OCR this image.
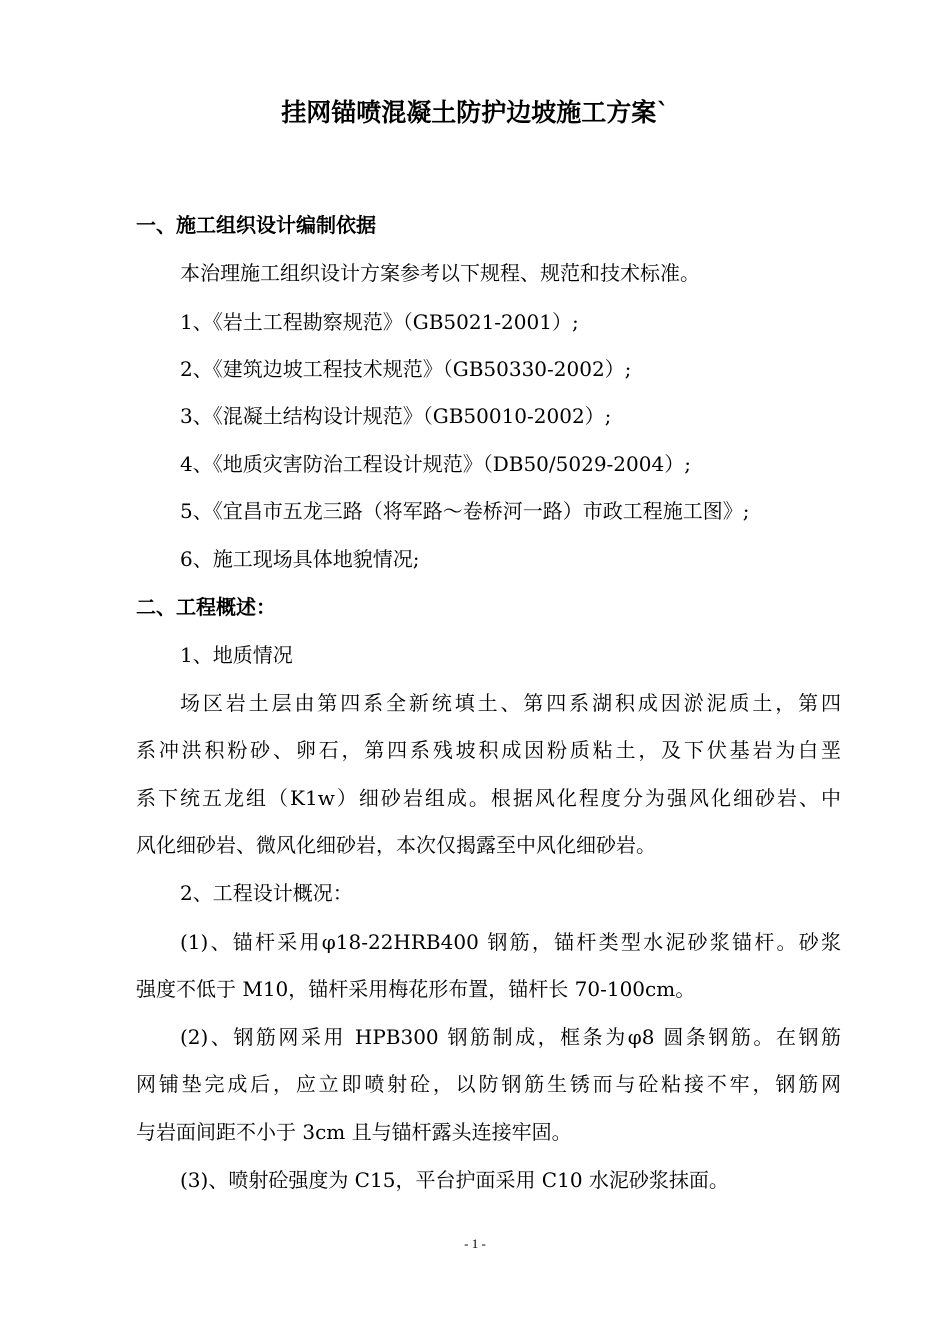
挂网锚喷混凝土防护边坡施工方案`
一、施工组织设计编制依据
本治理施工组织设计方案参考以下规程、规范和技术标准。
1、《岩土工程勘察规范》（GB5021-2001）;
2、《建筑边坡工程技术规范》（GB50330-2002）;
3、《混凝土结构设计规范》（GB50010-2002）;
4、《地质灾害防治工程设计规范》（DB50/5029-2004）;
5、《宜昌市五龙三路（将军路～卷桥河一路）市政工程施工图》;
6、施工现场具体地貌情况;
二、工程概述：
1、地质情况
场区岩土层由第四系全新统填土、第四系湖积成因淤泥质土，第四
系冲洪积粉砂、卵石，第四系残坡积成因粉质粘土，及下伏基岩为白垩
系下统五龙组（K1w）细砂岩组成。根据风化程度分为强风化细砂岩、中
风化细砂岩、微风化细砂岩，本次仅揭露至中风化细砂岩。
2、工程设计概况：
(1)、锚杆采用φ18-22HRB400 钢筋，锚杆类型水泥砂浆锚杆。砂浆
强度不低于 M10，锚杆采用梅花形布置，锚杆长 70-100cm。
(2)、钢筋网采用 HPB300 钢筋制成，框条为φ8 圆条钢筋。在钢筋
网铺垫完成后，应立即喷射砼，以防钢筋生锈而与砼粘接不牢，钢筋网
与岩面间距不小于 3cm 且与锚杆露头连接牢固。
(3)、喷射砼强度为 C15，平台护面采用 C10 水泥砂浆抹面。
- 1 -
